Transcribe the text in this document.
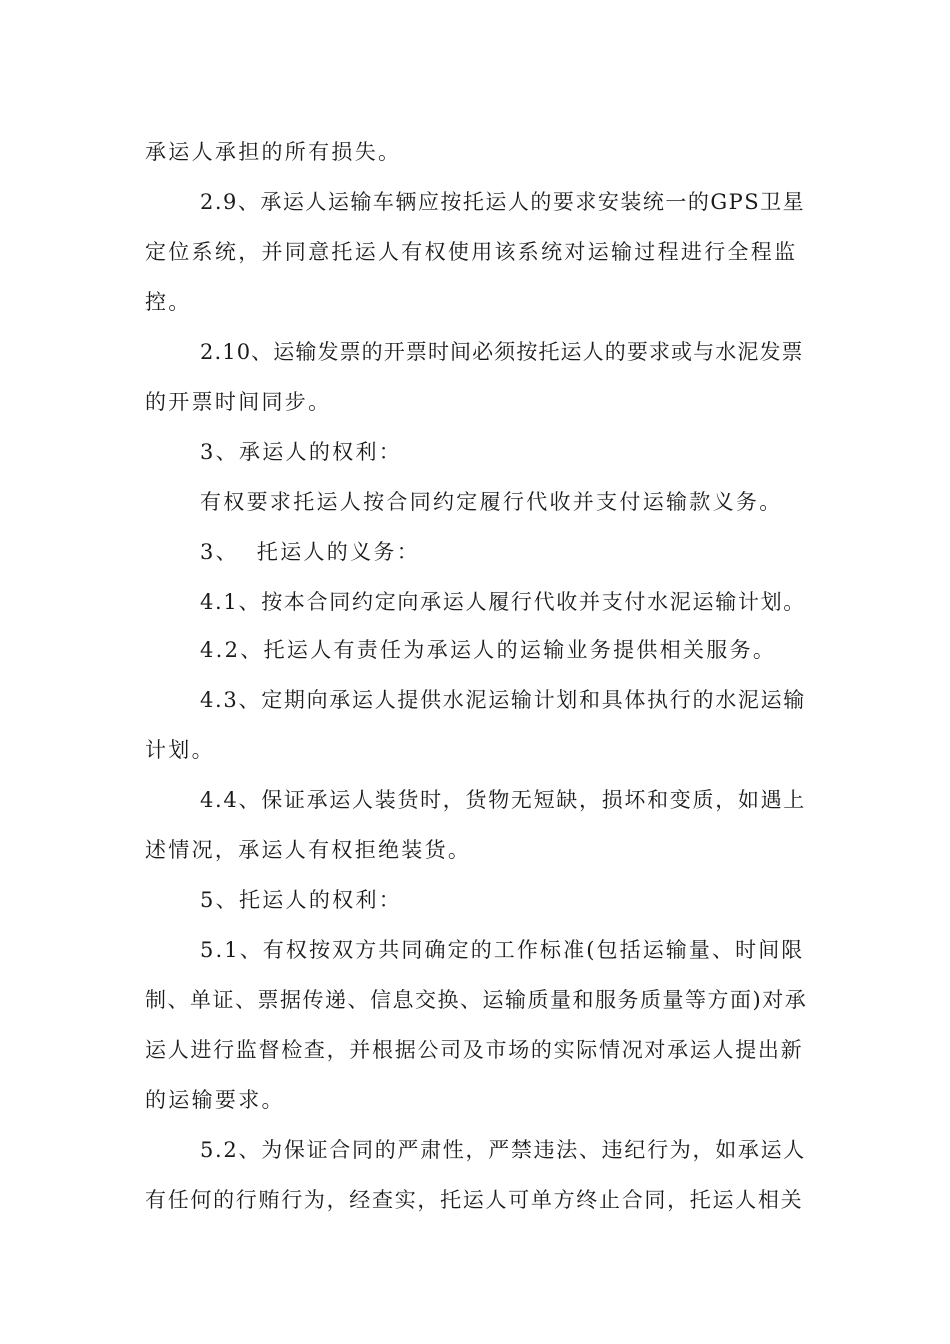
承运人承担的所有损失。
2.9、承运人运输车辆应按托运人的要求安装统一的GPS卫星
定位系统，并同意托运人有权使用该系统对运输过程进行全程监
控。
2.10、运输发票的开票时间必须按托运人的要求或与水泥发票
的开票时间同步。
3、承运人的权利：
有权要求托运人按合同约定履行代收并支付运输款义务。
3、  托运人的义务：
4.1、按本合同约定向承运人履行代收并支付水泥运输计划。
4.2、托运人有责任为承运人的运输业务提供相关服务。
4.3、定期向承运人提供水泥运输计划和具体执行的水泥运输
计划。
4.4、保证承运人装货时，货物无短缺，损坏和变质，如遇上
述情况，承运人有权拒绝装货。
5、托运人的权利：
5.1、有权按双方共同确定的工作标准(包括运输量、时间限
制、单证、票据传递、信息交换、运输质量和服务质量等方面)对承
运人进行监督检查，并根据公司及市场的实际情况对承运人提出新
的运输要求。
5.2、为保证合同的严肃性，严禁违法、违纪行为，如承运人
有任何的行贿行为，经查实，托运人可单方终止合同，托运人相关
